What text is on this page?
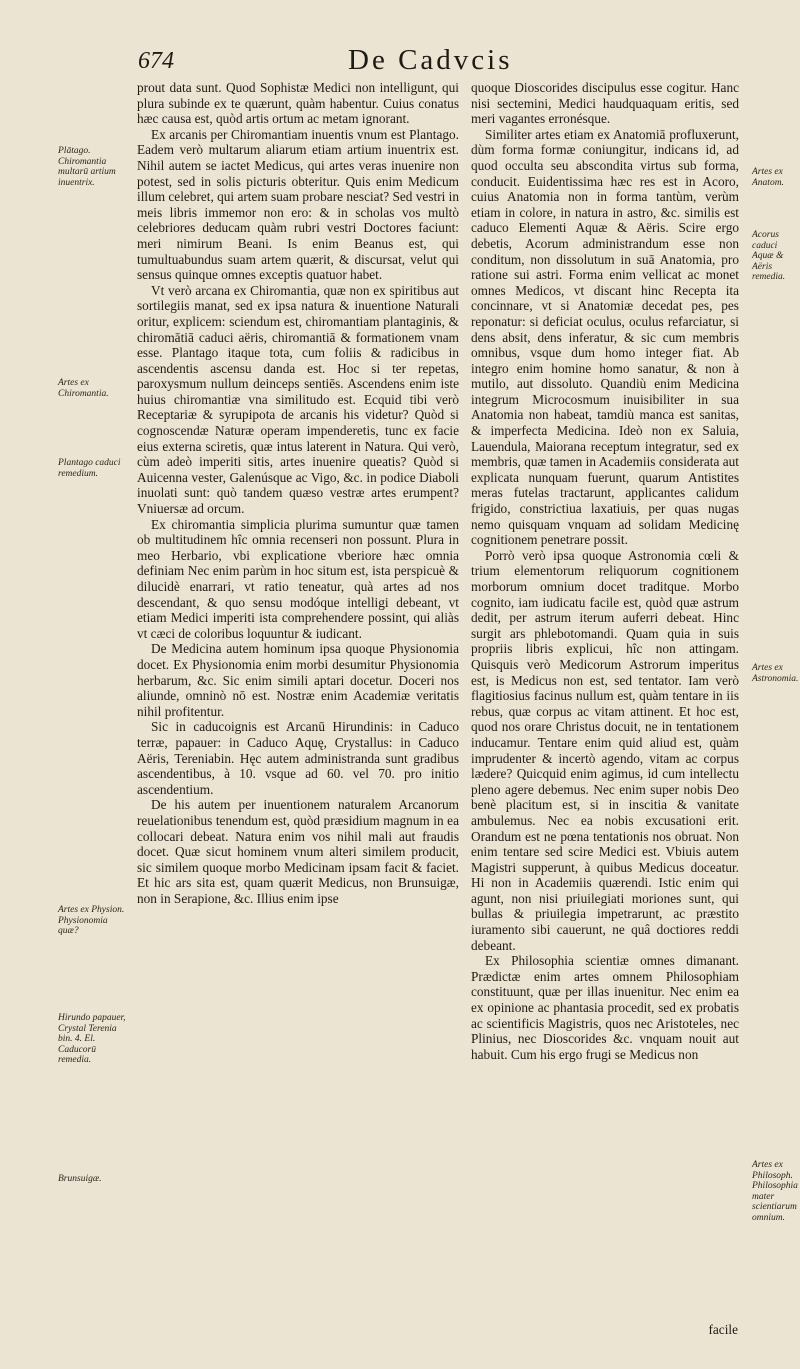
674	De Cadvcis
Plātago. Chiromantia multarū artium inuentrix.
Artes ex Chiromantia.
Plantago caduci remedium.
Artes ex Physion. Physionomia quæ?
Hirundo papauer, Crystal Terenia bin. 4. El. Caducorū remedia.
Brunsuigæ.
Artes ex Anatom.
Acorus caduci Aquæ & Aëris remedia.
Artes ex Astronomia.
Artes ex Philosoph. Philosophia mater scientiarum omnium.

prout data sunt. Quod Sophistæ Medici non intelligunt, qui plura subinde ex te quærunt, quàm habentur. Cuius conatus hæc causa est, quòd artis ortum ac metam ignorant.

Ex arcanis per Chiromantiam inuentis vnum est Plantago. Eadem verò multarum aliarum etiam artium inuentrix est. Nihil autem se iactet Medicus, qui artes veras inuenire non potest, sed in solis picturis obteritur. Quis enim Medicum illum celebret, qui artem suam probare nesciat? Sed vestri in meis libris immemor non ero: & in scholas vos multò celebriores deducam quàm rubri vestri Doctores faciunt: meri nimirum Beani. Is enim Beanus est, qui tumultuabundus suam artem quærit, & discursat, velut qui sensus quinque omnes exceptis quatuor habet.

Vt verò arcana ex Chiromantia, quæ non ex spiritibus aut sortilegiis manat, sed ex ipsa natura & inuentione Naturali oritur, explicem: sciendum est, chiromantiam plantaginis, & chiromātiā caduci aëris, chiromantiā & formationem vnam esse. Plantago itaque tota, cum foliis & radicibus in ascendentis ascensu danda est. Hoc si ter repetas, paroxysmum nullum deinceps sentiēs. Ascendens enim iste huius chiromantiæ vna similitudo est. Ecquid tibi verò Receptariæ & syrupipota de arcanis his videtur? Quòd si cognoscendæ Naturæ operam impenderetis, tunc ex facie eius externa sciretis, quæ intus laterent in Natura. Qui verò, cùm adeò imperiti sitis, artes inuenire queatis? Quòd si Auicenna vester, Galenúsque ac Vigo, &c. in podice Diaboli inuolati sunt: quò tandem quæso vestræ artes erumpent? Vniuersæ ad orcum.

Ex chiromantia simplicia plurima sumuntur quæ tamen ob multitudinem hîc omnia recenseri non possunt. Plura in meo Herbario, vbi explicatione vberiore hæc omnia definiam Nec enim parùm in hoc situm est, ista perspicuè & dilucidè enarrari, vt ratio teneatur, quà artes ad nos descendant, & quo sensu modóque intelligi debeant, vt etiam Medici imperiti ista comprehendere possint, qui aliàs vt cæci de coloribus loquuntur & iudicant.

De Medicina autem hominum ipsa quoque Physionomia docet. Ex Physionomia enim morbi desumitur Physionomia herbarum, &c. Sic enim simili aptari docetur. Doceri nos aliunde, omninò nō est. Nostræ enim Academiæ veritatis nihil profitentur.

Sic in caducoignis est Arcanū Hirundinis: in Caduco terræ, papauer: in Caduco Aquę, Crystallus: in Caduco Aëris, Tereniabin. Hęc autem administranda sunt gradibus ascendentibus, à 10. vsque ad 60. vel 70. pro initio ascendentium.

De his autem per inuentionem naturalem Arcanorum reuelationibus tenendum est, quòd præsidium magnum in ea collocari debeat. Natura enim vos nihil mali aut fraudis docet. Quæ sicut hominem vnum alteri similem producit, sic similem quoque morbo Medicinam ipsam facit & faciet. Et hic ars sita est, quam quærit Medicus, non Brunsuigæ, non in Serapione, &c. Illius enim ipse

quoque Dioscorides discipulus esse cogitur. Hanc nisi sectemini, Medici haudquaquam eritis, sed meri vagantes erronésque.

Similiter artes etiam ex Anatomiā profluxerunt, dùm forma formæ coniungitur, indicans id, ad quod occulta seu abscondita virtus sub forma, conducit. Euidentissima hæc res est in Acoro, cuius Anatomia non in forma tantùm, verùm etiam in colore, in natura in astro, &c. similis est caduco Elementi Aquæ & Aëris. Scire ergo debetis, Acorum administrandum esse non conditum, non dissolutum in suā Anatomia, pro ratione sui astri. Forma enim vellicat ac monet omnes Medicos, vt discant hinc Recepta ita concinnare, vt si Anatomiæ decedat pes, pes reponatur: si deficiat oculus, oculus refarciatur, si dens absit, dens inferatur, & sic cum membris omnibus, vsque dum homo integer fiat. Ab integro enim homine homo sanatur, & non à mutilo, aut dissoluto. Quandiù enim Medicina integrum Microcosmum inuisibiliter in sua Anatomia non habeat, tamdiù manca est sanitas, & imperfecta Medicina. Ideò non ex Saluia, Lauendula, Maiorana receptum integratur, sed ex membris, quæ tamen in Academiis considerata aut explicata nunquam fuerunt, quarum Antistites meras futelas tractarunt, applicantes calidum frigido, constrictiua laxatiuis, per quas nugas nemo quisquam vnquam ad solidam Medicinę cognitionem penetrare possit.

Porrò verò ipsa quoque Astronomia cœli & trium elementorum reliquorum cognitionem morborum omnium docet traditque. Morbo cognito, iam iudicatu facile est, quòd quæ astrum dedit, per astrum iterum auferri debeat. Hinc surgit ars phlebotomandi. Quam quia in suis propriis libris explicui, hîc non attingam. Quisquis verò Medicorum Astrorum imperitus est, is Medicus non est, sed tentator. Iam verò flagitiosius facinus nullum est, quàm tentare in iis rebus, quæ corpus ac vitam attinent. Et hoc est, quod nos orare Christus docuit, ne in tentationem inducamur. Tentare enim quid aliud est, quàm imprudenter & incertò agendo, vitam ac corpus lædere? Quicquid enim agimus, id cum intellectu pleno agere debemus. Nec enim super nobis Deo benè placitum est, si in inscitia & vanitate ambulemus. Nec ea nobis excusationi erit. Orandum est ne pœna tentationis nos obruat. Non enim tentare sed scire Medici est. Vbiuis autem Magistri supperunt, à quibus Medicus doceatur. Hi non in Academiis quærendi. Istic enim qui agunt, non nisi priuilegiati moriones sunt, qui bullas & priuilegia impetrarunt, ac præstito iuramento sibi cauerunt, ne quâ doctiores reddi debeant.

Ex Philosophia scientiæ omnes dimanant. Prædictæ enim artes omnem Philosophiam constituunt, quæ per illas inuenitur. Nec enim ea ex opinione ac phantasia procedit, sed ex probatis ac scientificis Magistris, quos nec Aristoteles, nec Plinius, nec Dioscorides &c. vnquam nouit aut habuit. Cum his ergo frugi se Medicus non

facile
